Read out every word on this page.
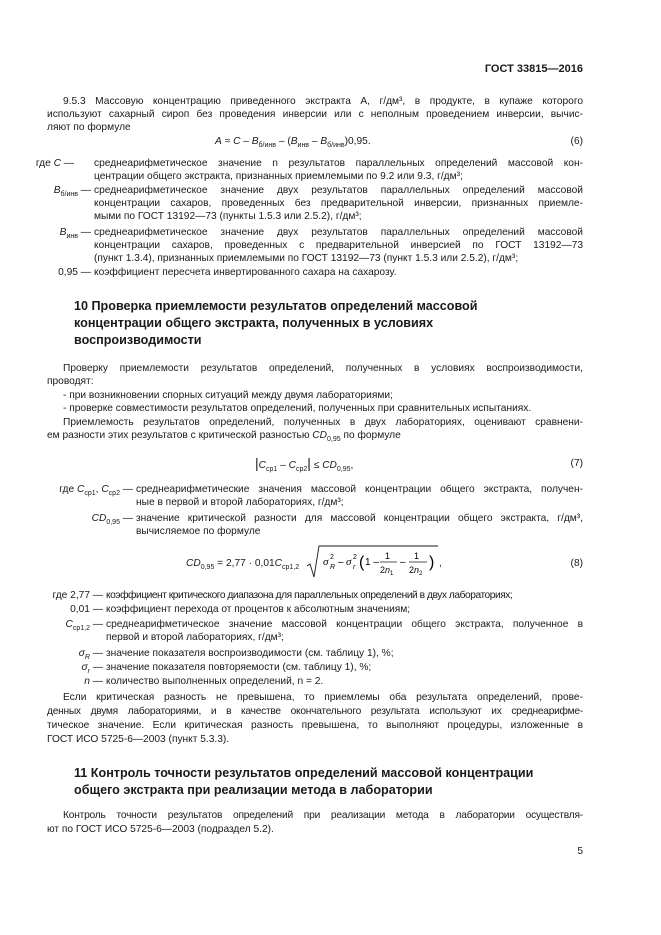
ГОСТ 33815—2016
9.5.3 Массовую концентрацию приведенного экстракта A, г/дм³, в продукте, в купаже которого
используют сахарный сироп без проведения инверсии или с неполным проведением инверсии, вычис-
ляют по формуле
$A \approx C - B_{б/инв} - (B_{инв} - B_{б/инв})0,95$.	(6)
где C — среднеарифметическое значение n результатов параллельных определений массовой кон-
центрации общего экстракта, признанных приемлемыми по 9.2 или 9.3, г/дм³;
$B_{б/инв}$ — среднеарифметическое значение двух результатов параллельных определений массовой
концентрации сахаров, проведенных без предварительной инверсии, признанных приемле-
мыми по ГОСТ 13192—73 (пункты 1.5.3 или 2.5.2), г/дм³;
$B_{инв}$ — среднеарифметическое значение двух результатов параллельных определений массовой
концентрации сахаров, проведенных с предварительной инверсией по ГОСТ 13192—73
(пункт 1.3.4), признанных приемлемыми по ГОСТ 13192—73 (пункт 1.5.3 или 2.5.2), г/дм³;
0,95 — коэффициент пересчета инвертированного сахара на сахарозу.
10 Проверка приемлемости результатов определений массовой
концентрации общего экстракта, полученных в условиях
воспроизводимости
Проверку приемлемости результатов определений, полученных в условиях воспроизводимости,
проводят:
- при возникновении спорных ситуаций между двумя лабораториями;
- проверке совместимости результатов определений, полученных при сравнительных испытаниях.
Приемлемость результатов определений, полученных в двух лабораториях, оценивают сравнени-
ем разности этих результатов с критической разностью $CD_{0,95}$ по формуле
$|C_{ср1} - C_{ср2}| \le CD_{0,95}$,	(7)
где $C_{ср1}$, $C_{ср2}$ — среднеарифметические значения массовой концентрации общего экстракта, получен-
ные в первой и второй лабораториях, г/дм³;
$CD_{0,95}$ — значение критической разности для массовой концентрации общего экстракта, г/дм³,
вычисляемое по формуле
$CD_{0,95} = 2,77 \cdot 0,01C_{ср1,2}$ σ 2
R – σ 2
r ( 1 –
1
$2n_1$
–
1
$2n_2$
) ,	(8)
где 2,77 — коэффициент критического диапазона для параллельных определений в двух лабораториях;
0,01 — коэффициент перехода от процентов к абсолютным значениям;
$C_{ср1,2}$ — среднеарифметическое значение массовой концентрации общего экстракта, полученное в
первой и второй лабораториях, г/дм³;
$\sigma_R$ — значение показателя воспроизводимости (см. таблицу 1), %;
$\sigma_r$ — значение показателя повторяемости (см. таблицу 1), %;
n — количество выполненных определений, n = 2.
Если критическая разность не превышена, то приемлемы оба результата определений, прове-
денных двумя лабораториями, и в качестве окончательного результата используют их среднеарифме-
тическое значение. Если критическая разность превышена, то выполняют процедуры, изложенные в
ГОСТ ИСО 5725-6—2003 (пункт 5.3.3).
11 Контроль точности результатов определений массовой концентрации
общего экстракта при реализации метода в лаборатории
Контроль точности результатов определений при реализации метода в лаборатории осуществля-
ют по ГОСТ ИСО 5725-6—2003 (подраздел 5.2).
5
